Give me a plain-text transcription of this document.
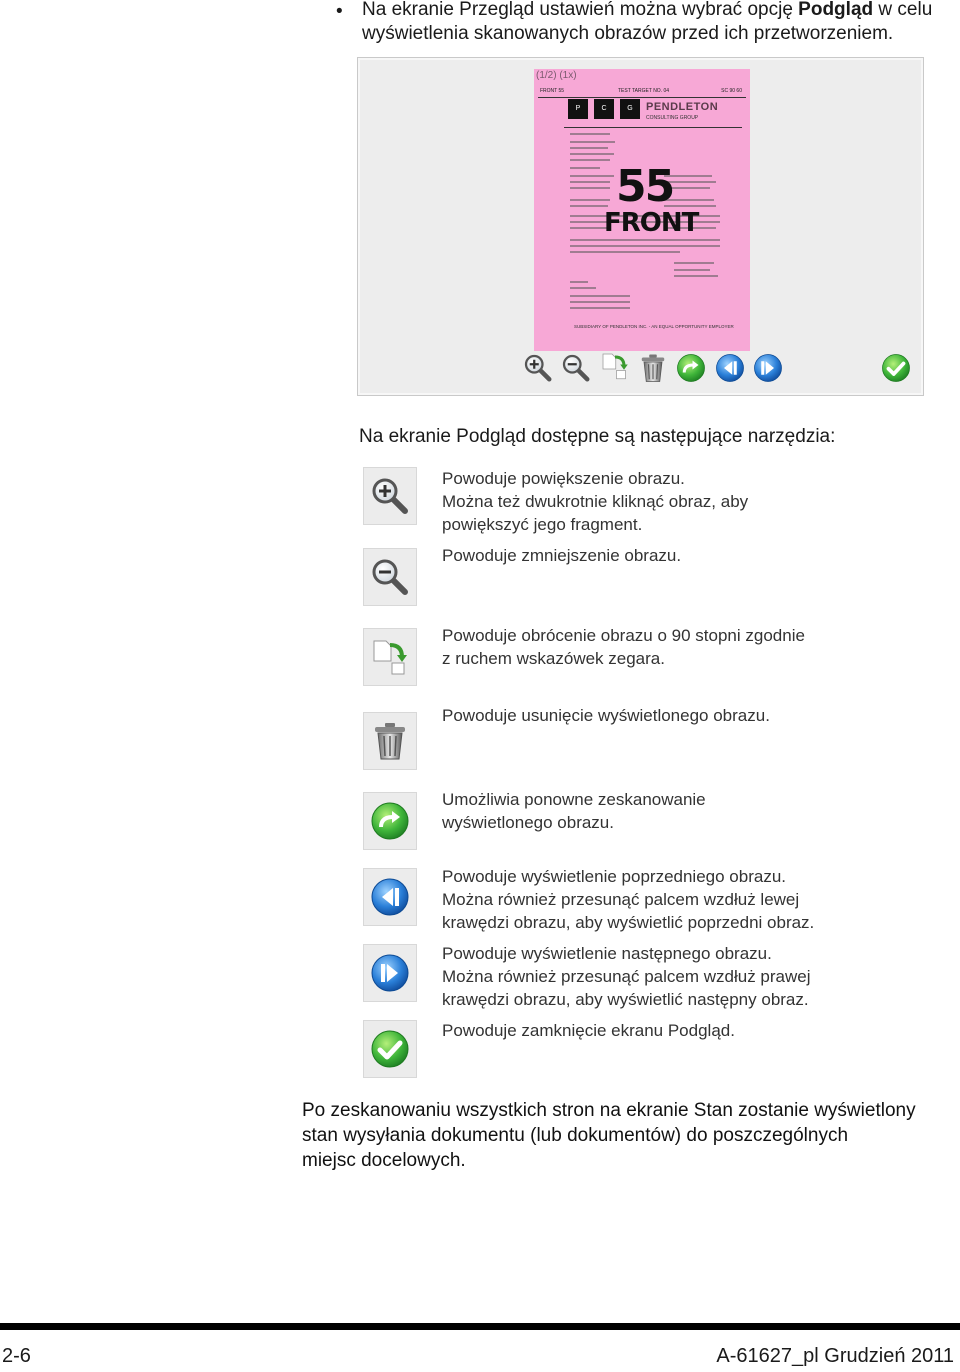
• Na ekranie Przegląd ustawień można wybrać opcję Podgląd w celu
wyświetlenia skanowanych obrazów przed ich przetworzeniem.
(1/2) (1x)
FRONT 55	TEST TARGET NO. 04	SC 90 60
P	C	G	PENDLETON
CONSULTING GROUP
55
FRONT
SUBSIDIARY OF PENDLETON INC. - AN EQUAL OPPORTUNITY EMPLOYER
Na ekranie Podgląd dostępne są następujące narzędzia:
Powoduje powiększenie obrazu.
Można też dwukrotnie kliknąć obraz, aby
powiększyć jego fragment.
Powoduje zmniejszenie obrazu.
Powoduje obrócenie obrazu o 90 stopni zgodnie
z ruchem wskazówek zegara.
Powoduje usunięcie wyświetlonego obrazu.
Umożliwia ponowne zeskanowanie
wyświetlonego obrazu.
Powoduje wyświetlenie poprzedniego obrazu.
Można również przesunąć palcem wzdłuż lewej
krawędzi obrazu, aby wyświetlić poprzedni obraz.
Powoduje wyświetlenie następnego obrazu.
Można również przesunąć palcem wzdłuż prawej
krawędzi obrazu, aby wyświetlić następny obraz.
Powoduje zamknięcie ekranu Podgląd.
Po zeskanowaniu wszystkich stron na ekranie Stan zostanie wyświetlony
stan wysyłania dokumentu (lub dokumentów) do poszczególnych
miejsc docelowych.
2-6	A-61627_pl Grudzień 2011
